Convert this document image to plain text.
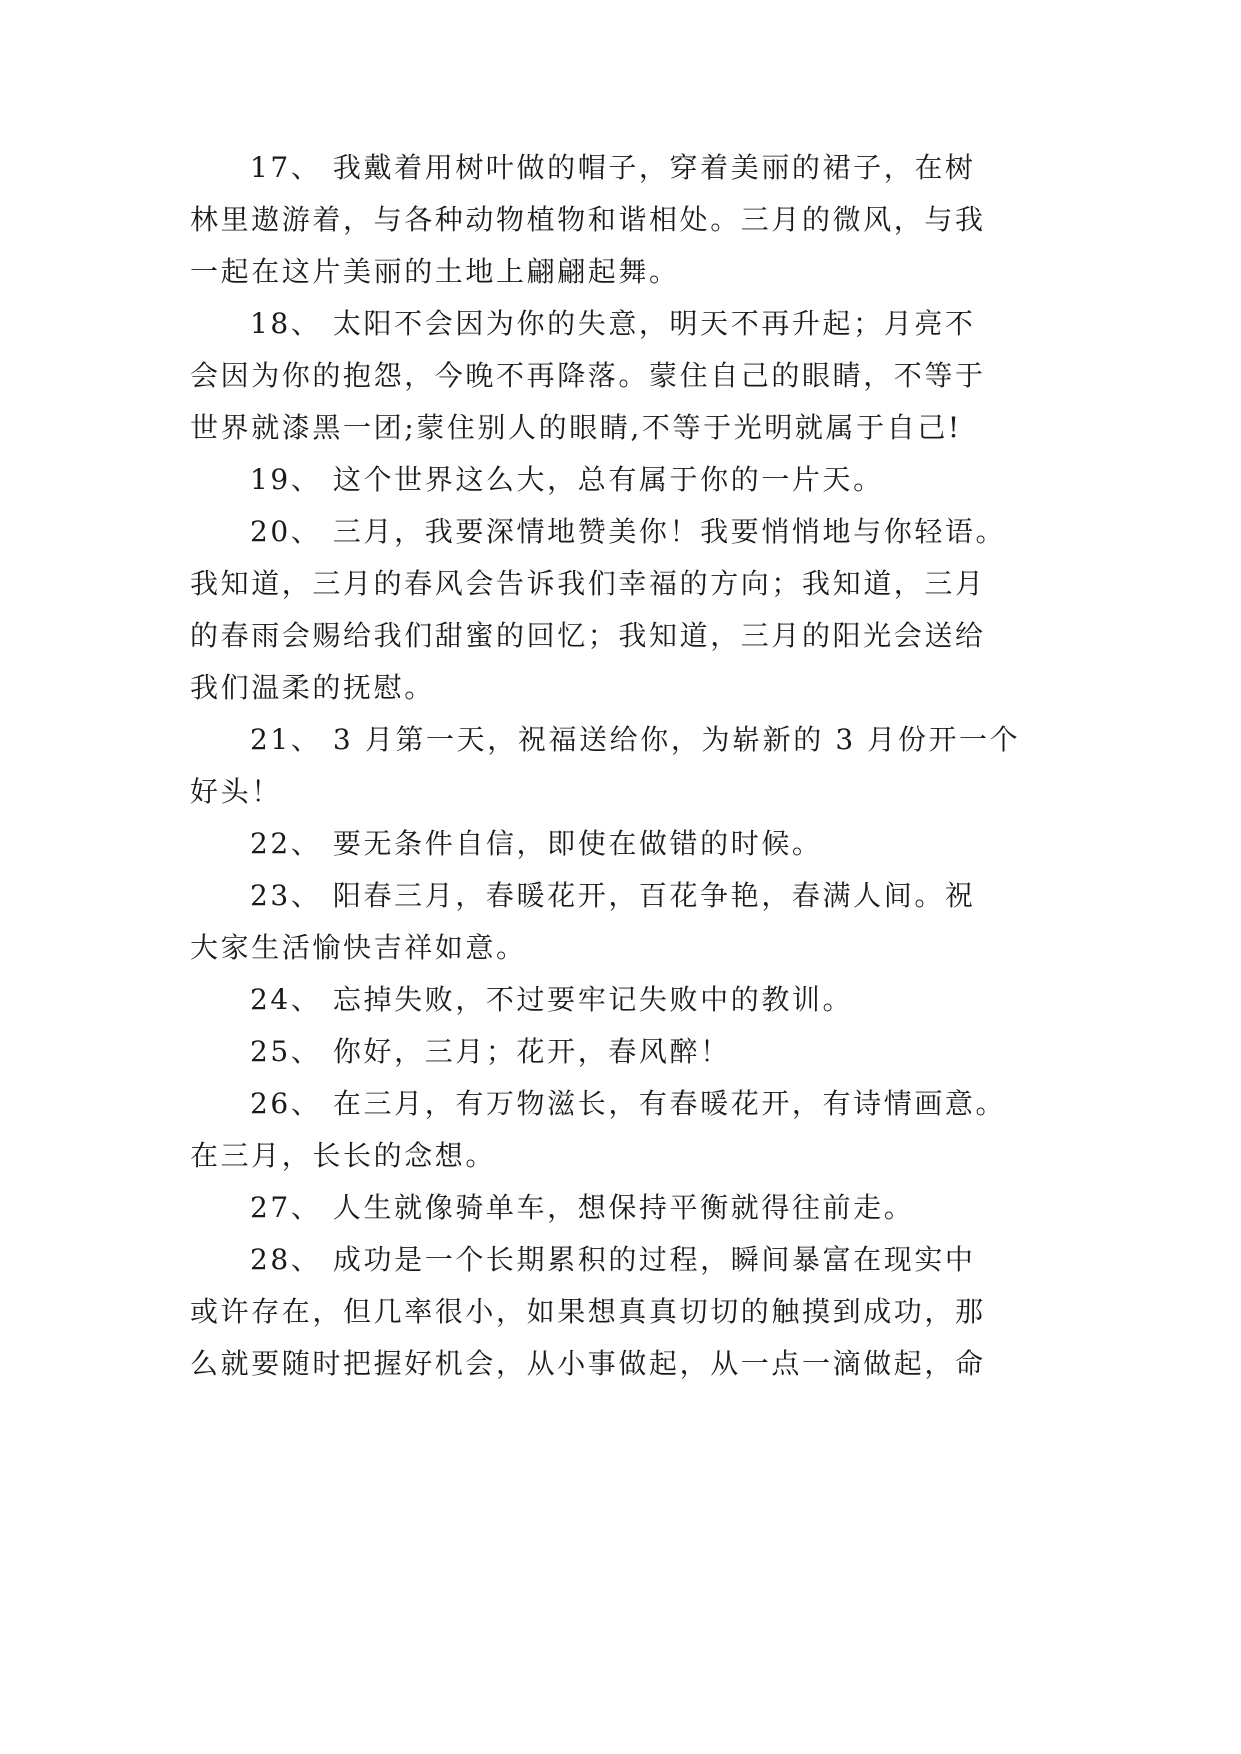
17、 我戴着用树叶做的帽子，穿着美丽的裙子，在树
林里遨游着，与各种动物植物和谐相处。三月的微风，与我
一起在这片美丽的土地上翩翩起舞。
18、 太阳不会因为你的失意，明天不再升起；月亮不
会因为你的抱怨，今晚不再降落。蒙住自己的眼睛，不等于
世界就漆黑一团;蒙住别人的眼睛,不等于光明就属于自己!
19、 这个世界这么大，总有属于你的一片天。
20、 三月，我要深情地赞美你！我要悄悄地与你轻语。
我知道，三月的春风会告诉我们幸福的方向；我知道，三月
的春雨会赐给我们甜蜜的回忆；我知道，三月的阳光会送给
我们温柔的抚慰。
21、 3 月第一天，祝福送给你，为崭新的 3 月份开一个
好头！
22、 要无条件自信，即使在做错的时候。
23、 阳春三月，春暖花开，百花争艳，春满人间。祝
大家生活愉快吉祥如意。
24、 忘掉失败，不过要牢记失败中的教训。
25、 你好，三月；花开，春风醉！
26、 在三月，有万物滋长，有春暖花开，有诗情画意。
在三月，长长的念想。
27、 人生就像骑单车，想保持平衡就得往前走。
28、 成功是一个长期累积的过程，瞬间暴富在现实中
或许存在，但几率很小，如果想真真切切的触摸到成功，那
么就要随时把握好机会，从小事做起，从一点一滴做起，命
